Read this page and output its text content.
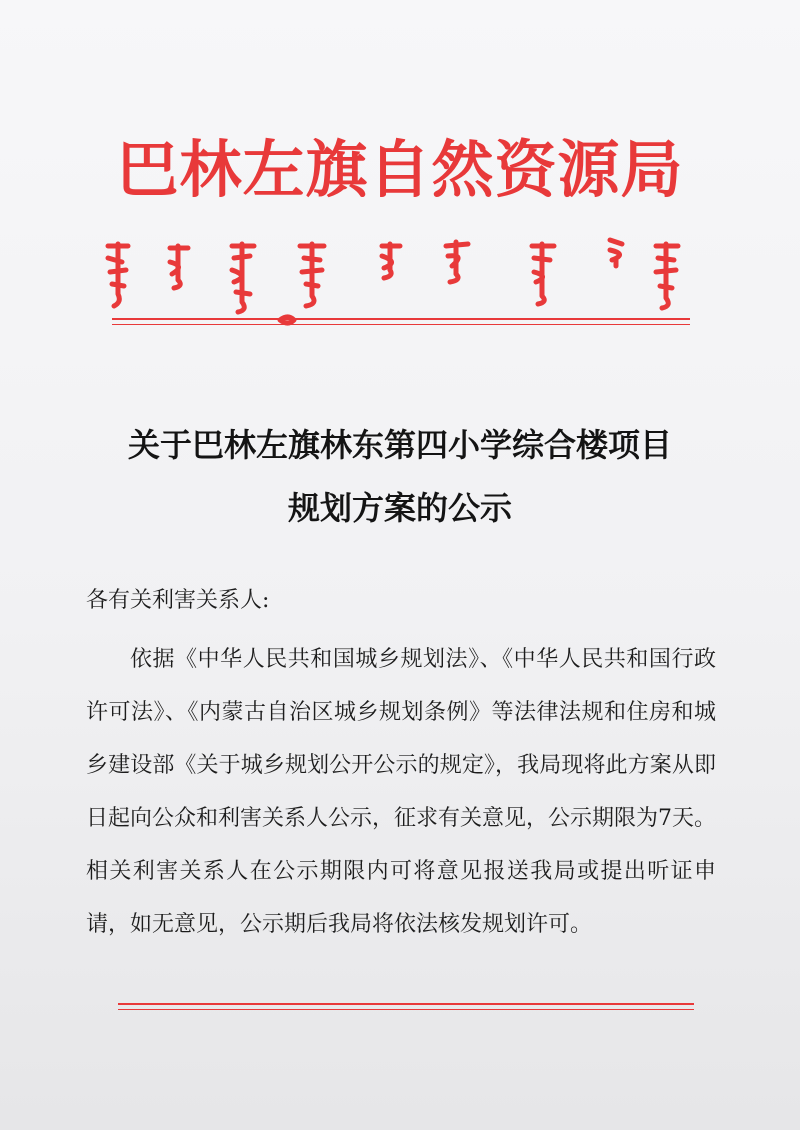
巴林左旗自然资源局
关于巴林左旗林东第四小学综合楼项目
规划方案的公示
各有关利害关系人:
依据《中华人民共和国城乡规划法》、《中华人民共和国行政许可法》、《内蒙古自治区城乡规划条例》等法律法规和住房和城乡建设部《关于城乡规划公开公示的规定》，我局现将此方案从即日起向公众和利害关系人公示，征求有关意见，公示期限为7天。相关利害关系人在公示期限内可将意见报送我局或提出听证申请，如无意见，公示期后我局将依法核发规划许可。
